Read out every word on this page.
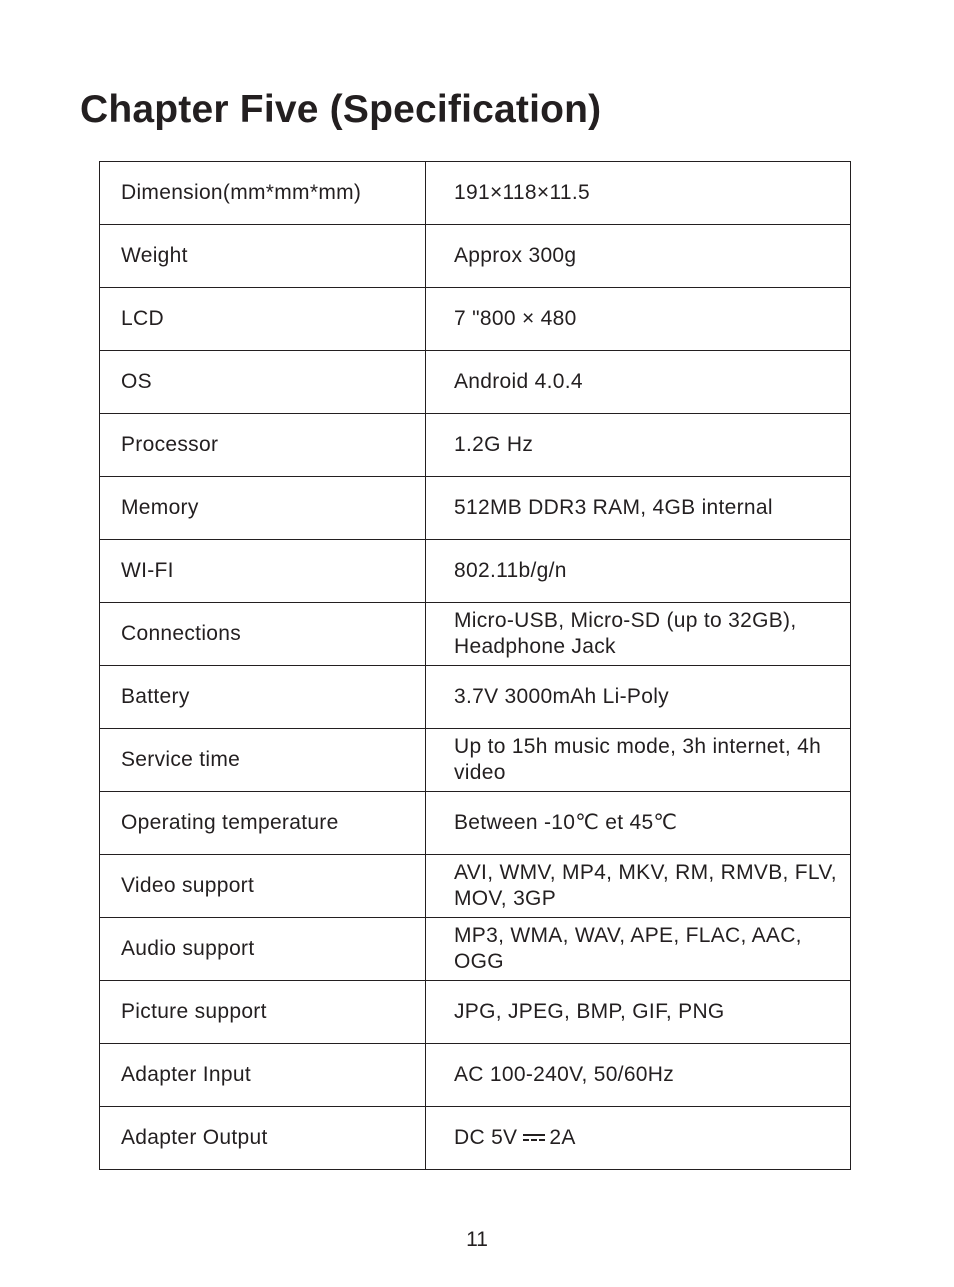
Chapter Five (Specification)
Dimension(mm*mm*mm)	191×118×11.5
Weight	Approx 300g
LCD	7 "800 × 480
OS	Android 4.0.4
Processor	1.2G Hz
Memory	512MB DDR3 RAM, 4GB internal
WI-FI	802.11b/g/n
Connections	Micro-USB, Micro-SD (up to 32GB), Headphone Jack
Battery	3.7V 3000mAh Li-Poly
Service time	Up to 15h music mode, 3h internet, 4h video
Operating temperature	Between -10℃ et 45℃
Video support	AVI, WMV, MP4, MKV, RM, RMVB, FLV, MOV, 3GP
Audio support	MP3, WMA, WAV, APE, FLAC, AAC, OGG
Picture support	JPG, JPEG, BMP, GIF, PNG
Adapter Input	AC 100-240V, 50/60Hz
Adapter Output	DC 5V 2A
11
